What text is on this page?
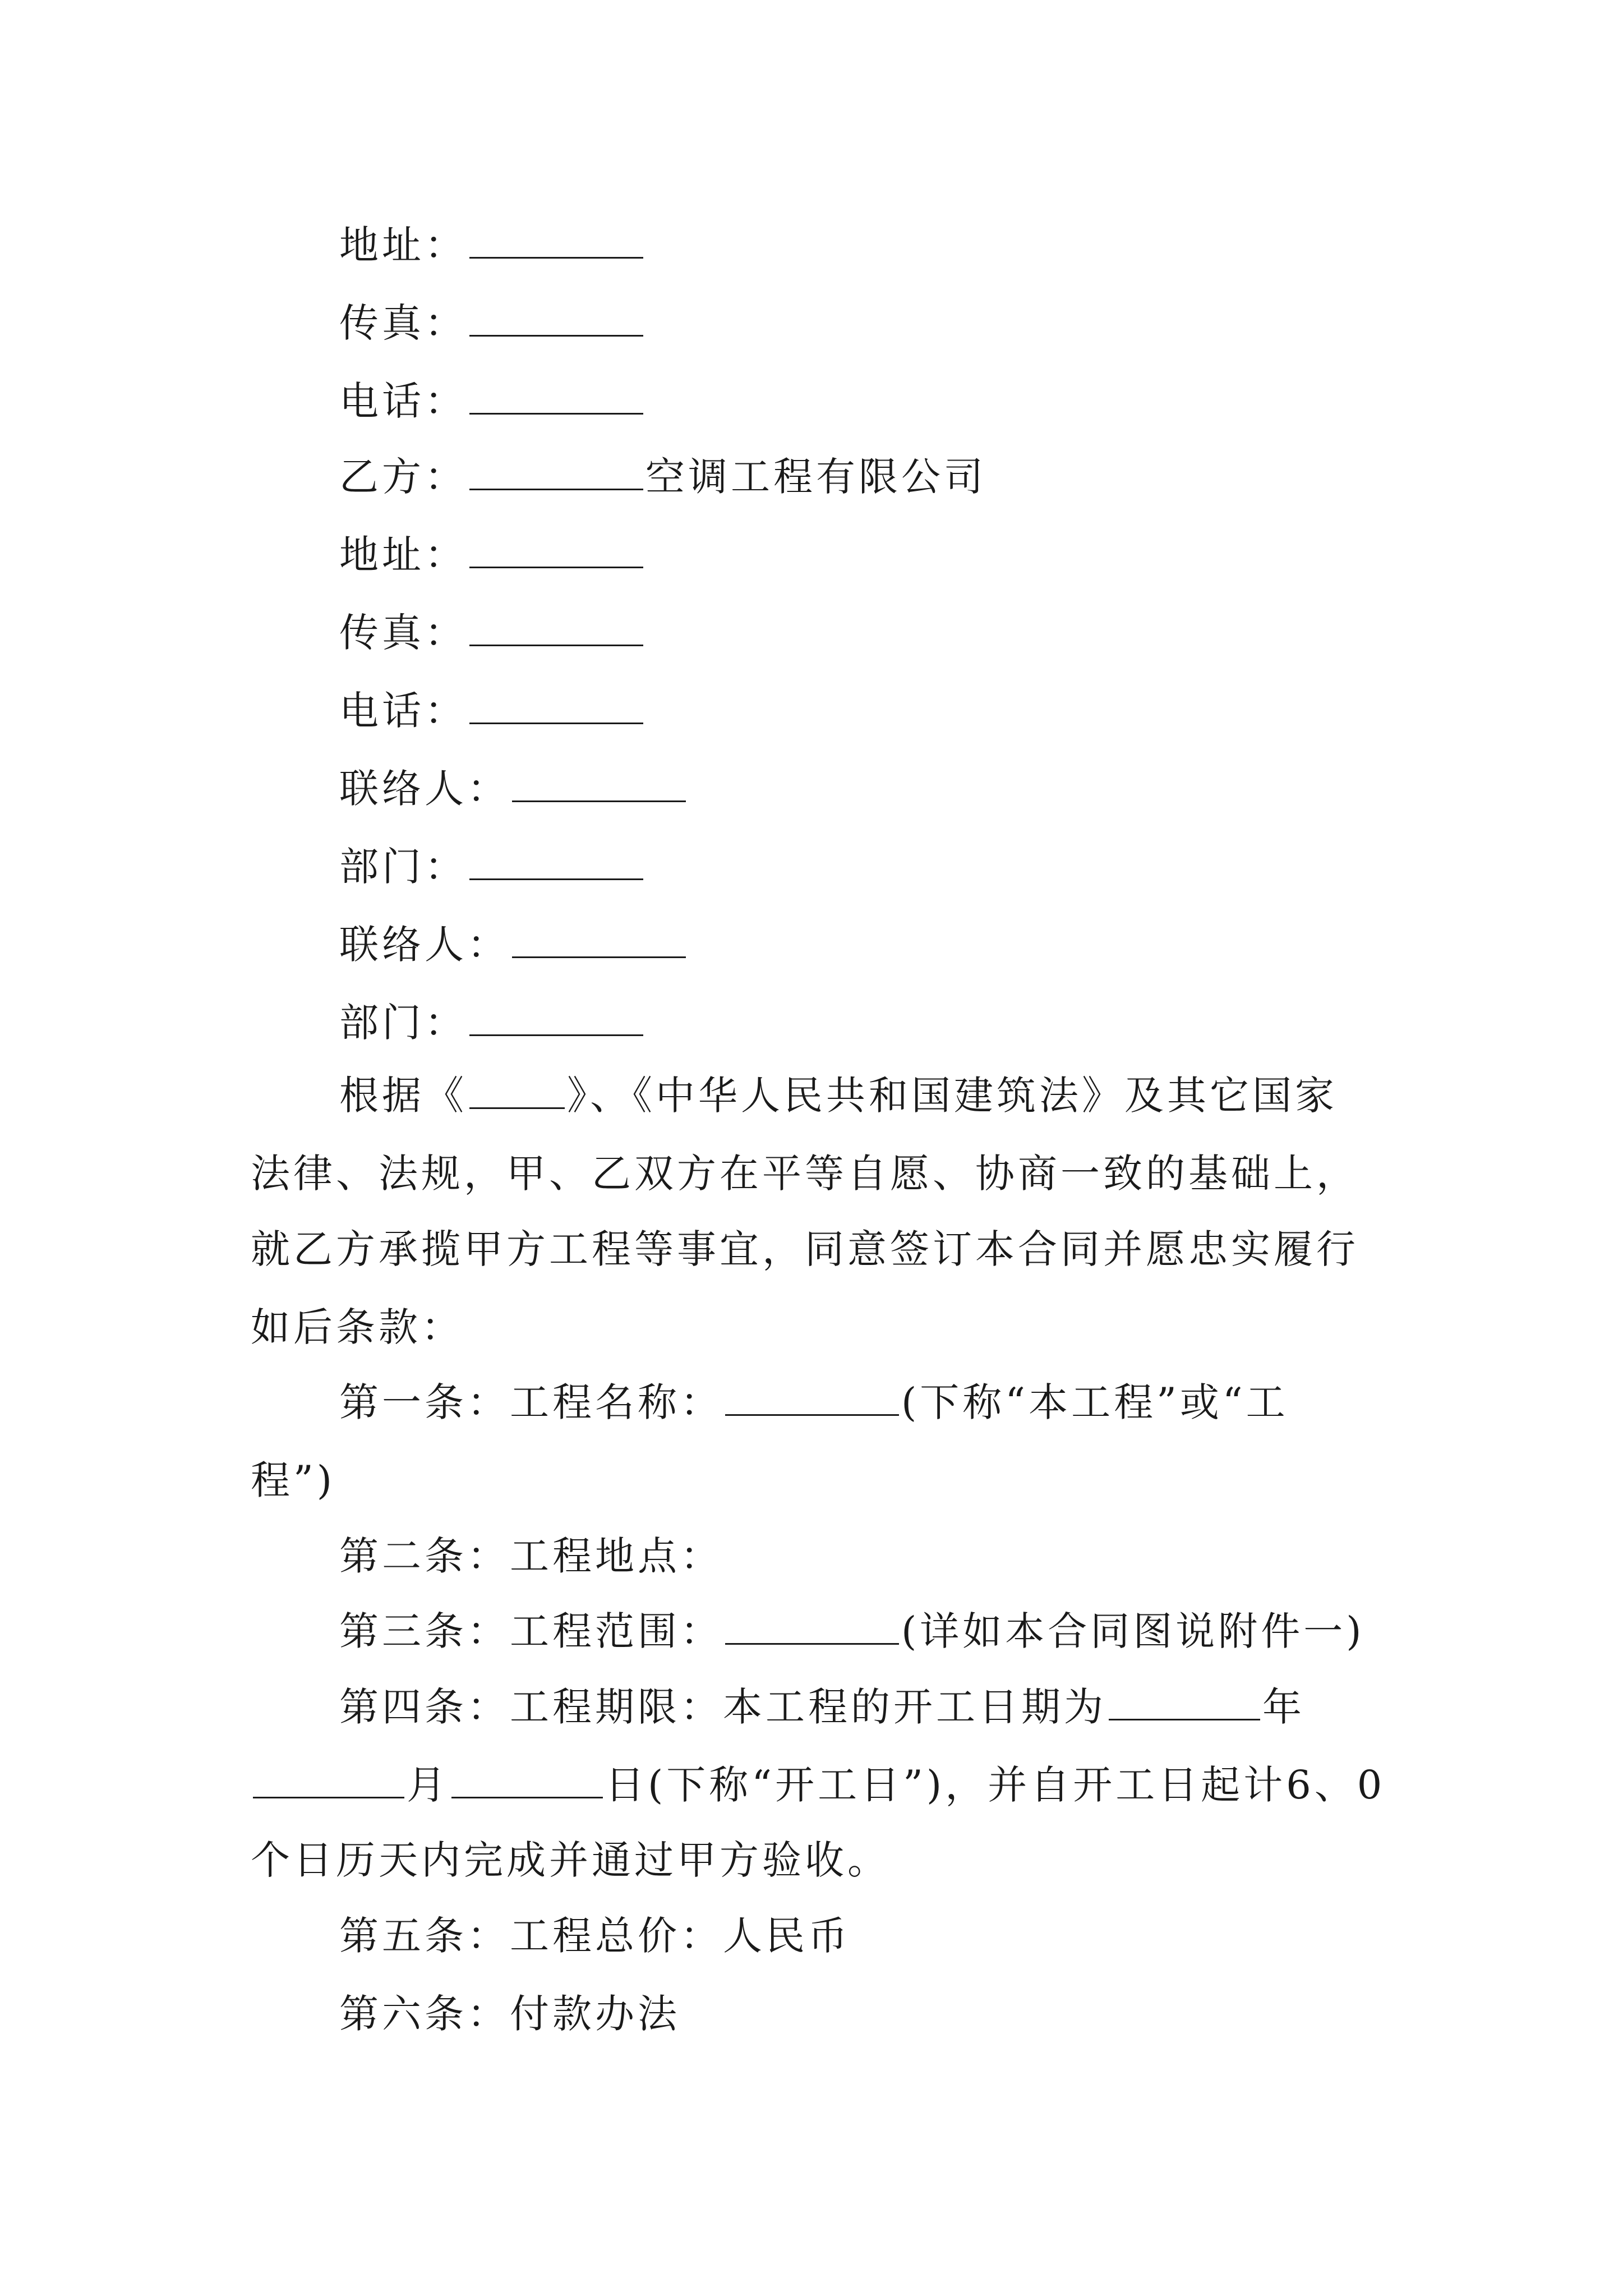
地址：
传真：
电话：
乙方：	空调工程有限公司
地址：
传真：
电话：
联络人：
部门：
联络人：
部门：
根据《	》、《中华人民共和国建筑法》及其它国家
法律、法规，甲、乙双方在平等自愿、协商一致的基础上，
就乙方承揽甲方工程等事宜，同意签订本合同并愿忠实履行
如后条款：
第一条：工程名称：	(下称“本工程”或“工
程”)
第二条：工程地点：
第三条：工程范围：	(详如本合同图说附件一)
第四条：工程期限：本工程的开工日期为	年
月	日(下称“开工日”)，并自开工日起计6、0
个日历天内完成并通过甲方验收。
第五条：工程总价：人民币
第六条：付款办法
